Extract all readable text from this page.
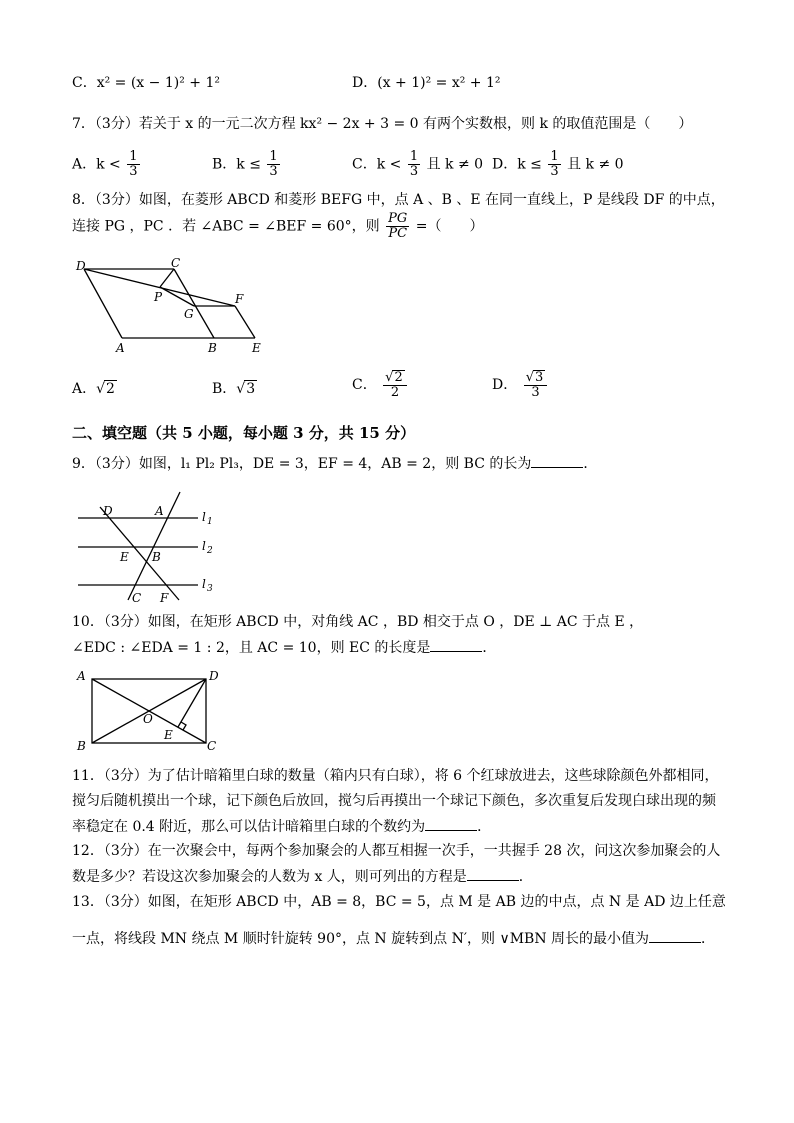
C．x² = (x − 1)² + 1²	D．(x + 1)² = x² + 1²
7．（3分）若关于 x 的一元二次方程 kx² − 2x + 3 = 0 有两个实数根，则 k 的取值范围是（　　）
A．$k < \frac{1}{3}$	B．$k \le \frac{1}{3}$	C．$k < \frac{1}{3}$ 且 k ≠ 0 D．$k \le \frac{1}{3}$ 且 k ≠ 0
8．（3分）如图，在菱形 ABCD 和菱形 BEFG 中，点 A 、B 、E 在同一直线上，P 是线段 DF 的中点，
连接 PG ，PC ．若 ∠ABC = ∠BEF = 60°，则 $\frac{PG}{PC}$ =（　　）
D	C
P	F
G
A	B	E
A．√2	B．√3	C． $\frac{√2}{2}$	D． $\frac{√3}{3}$
二、填空题（共 5 小题，每小题 3 分，共 15 分）
9．（3分）如图，l₁ Pl₂ Pl₃，DE = 3，EF = 4，AB = 2，则 BC 的长为	．
D	A	l 1
l 2
E B
l 3
C F
10．（3分）如图，在矩形 ABCD 中，对角线 AC ，BD 相交于点 O ，DE ⊥ AC 于点 E ，
∠EDC : ∠EDA = 1 : 2，且 AC = 10，则 EC 的长度是	．
A	D
O
E
B	C
11．（3分）为了估计暗箱里白球的数量（箱内只有白球），将 6 个红球放进去，这些球除颜色外都相同，
搅匀后随机摸出一个球，记下颜色后放回，搅匀后再摸出一个球记下颜色，多次重复后发现白球出现的频
率稳定在 0.4 附近，那么可以估计暗箱里白球的个数约为	．
12．（3分）在一次聚会中，每两个参加聚会的人都互相握一次手，一共握手 28 次，问这次参加聚会的人
数是多少？若设这次参加聚会的人数为 x 人，则可列出的方程是	．
13．（3分）如图，在矩形 ABCD 中，AB = 8，BC = 5，点 M 是 AB 边的中点，点 N 是 AD 边上任意
一点，将线段 MN 绕点 M 顺时针旋转 90°，点 N 旋转到点 N′，则 ∨MBN 周长的最小值为	．
